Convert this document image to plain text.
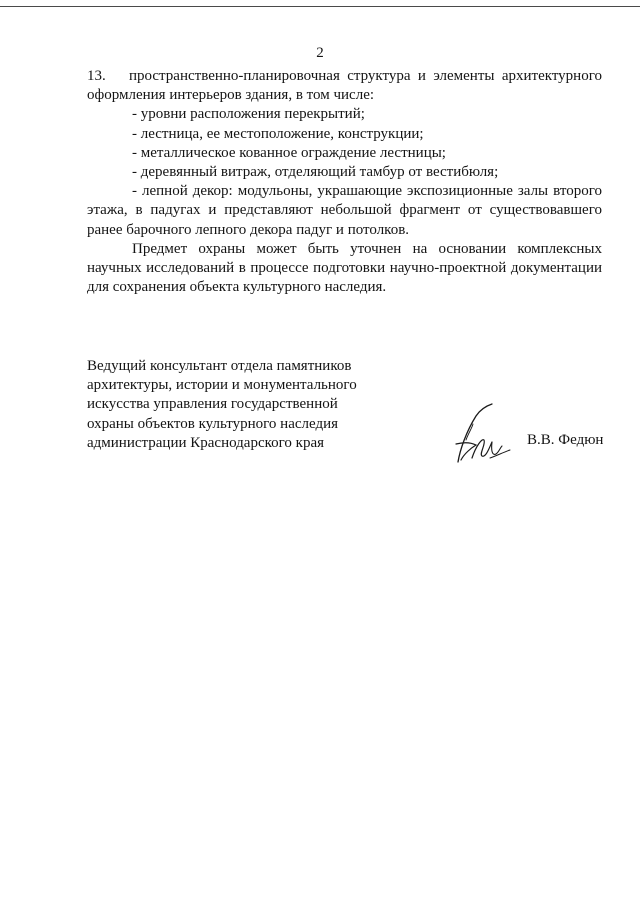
2

13. пространственно-планировочная структура и элементы архитектурного оформления интерьеров здания, в том числе:

- уровни расположения перекрытий;

- лестница, ее местоположение, конструкции;

- металлическое кованное ограждение лестницы;

- деревянный витраж, отделяющий тамбур от вестибюля;

- лепной декор: модульоны, украшающие экспозиционные залы второго этажа, в падугах и представляют небольшой фрагмент от существовавшего ранее барочного лепного декора падуг и потолков.

Предмет охраны может быть уточнен на основании комплексных научных исследований в процессе подготовки научно-проектной документации для сохранения объекта культурного наследия.

Ведущий консультант отдела памятников
архитектуры, истории и монументального
искусства управления государственной
охраны объектов культурного наследия
администрации Краснодарского края	В.В. Федюн
